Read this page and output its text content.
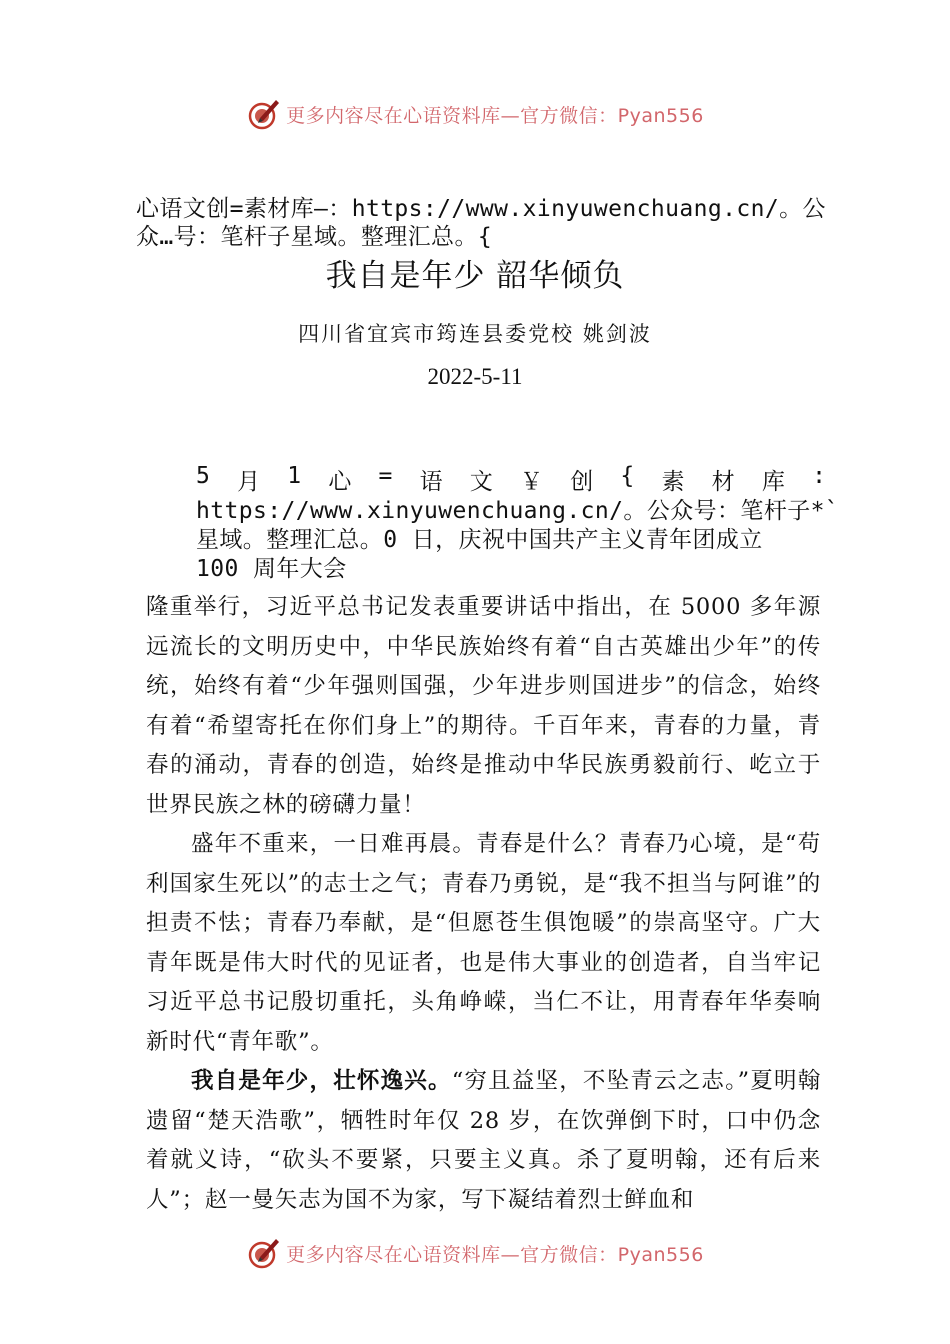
更多内容尽在心语资料库—官方微信：Pyan556
心语文创=素材库—：https://www.xinyuwenchuang.cn/。公
众…号：笔杆子星域。整理汇总。{
我自是年少 韶华倾负
四川省宜宾市筠连县委党校 姚剑波
2022-5-11
5 月 1 心 = 语 文 ￥ 创 { 素 材 库 :
https://www.xinyuwenchuang.cn/。公众号：笔杆子*`
星域。整理汇总。0 日，庆祝中国共产主义青年团成立
100 周年大会

隆重举行，习近平总书记发表重要讲话中指出，在 5000 多年源远流长的文明历史中，中华民族始终有着“自古英雄出少年”的传统，始终有着“少年强则国强，少年进步则国进步”的信念，始终有着“希望寄托在你们身上”的期待。千百年来，青春的力量，青春的涌动，青春的创造，始终是推动中华民族勇毅前行、屹立于世界民族之林的磅礴力量！

盛年不重来，一日难再晨。青春是什么？青春乃心境，是“苟利国家生死以”的志士之气；青春乃勇锐，是“我不担当与阿谁”的担责不怯；青春乃奉献，是“但愿苍生俱饱暖”的崇高坚守。广大青年既是伟大时代的见证者，也是伟大事业的创造者，自当牢记习近平总书记殷切重托，头角峥嵘，当仁不让，用青春年华奏响新时代“青年歌”。

我自是年少，壮怀逸兴。“穷且益坚，不坠青云之志。”夏明翰遗留“楚天浩歌”，牺牲时年仅 28 岁，在饮弹倒下时，口中仍念着就义诗，“砍头不要紧，只要主义真。杀了夏明翰，还有后来人”；赵一曼矢志为国不为家，写下凝结着烈士鲜血和

更多内容尽在心语资料库—官方微信：Pyan556
